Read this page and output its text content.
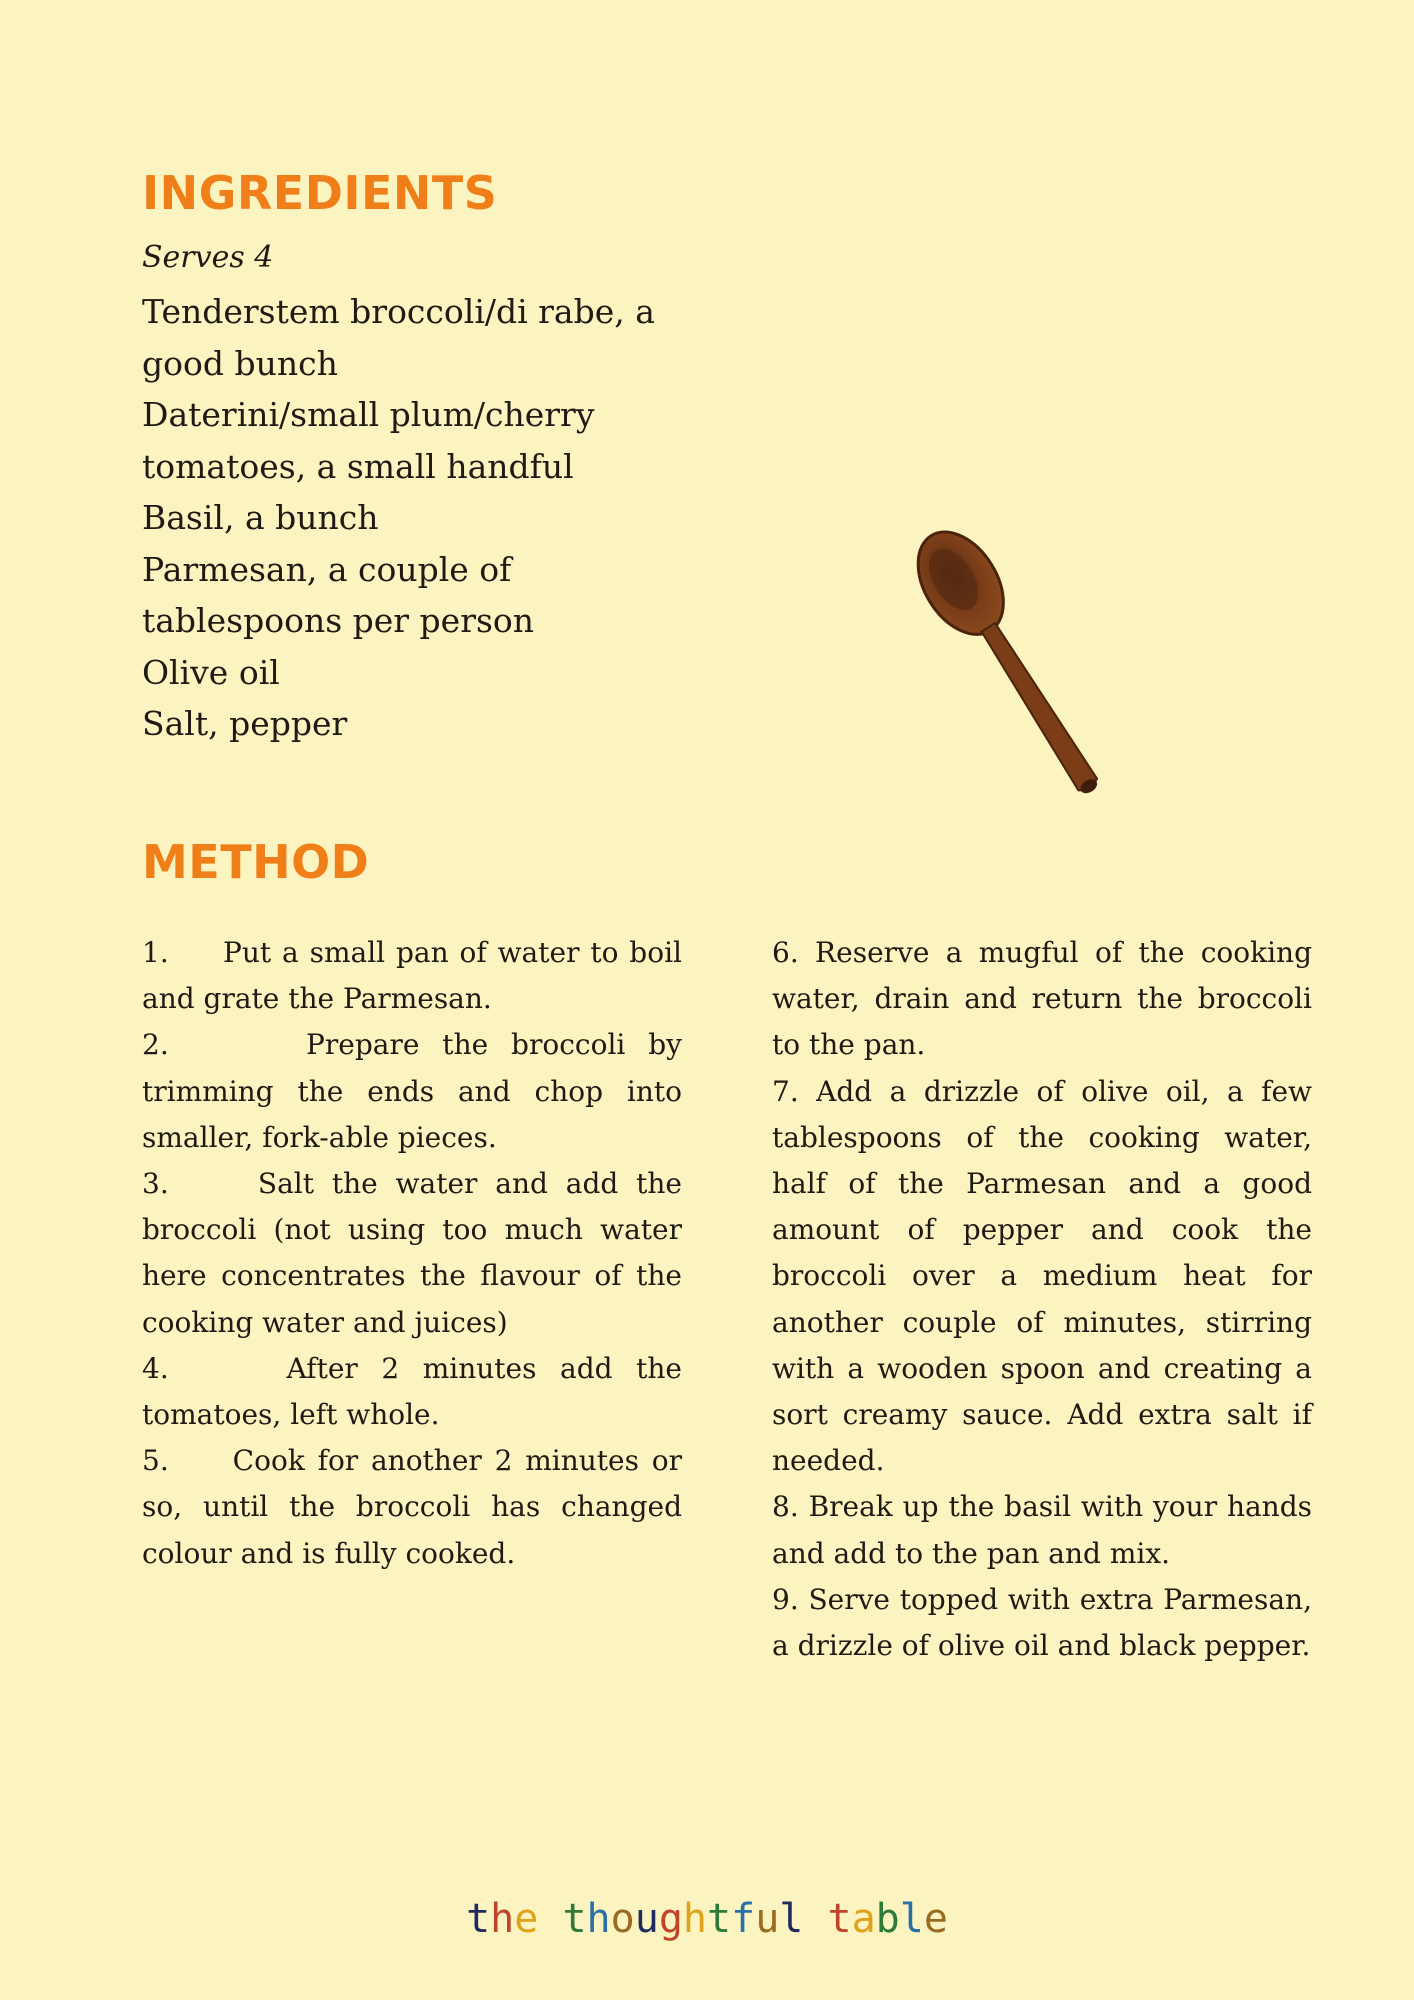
INGREDIENTS

Serves 4

Tenderstem broccoli/di rabe, a good bunch
Daterini/small plum/cherry tomatoes, a small handful
Basil, a bunch
Parmesan, a couple of tablespoons per person
Olive oil
Salt, pepper
METHOD
1.     Put a small pan of water to boil and grate the Parmesan.
2.      Prepare the broccoli by trimming the ends and chop into smaller, fork-able pieces.
3.     Salt the water and add the broccoli (not using too much water here concentrates the flavour of the cooking water and juices)
4.     After 2 minutes add the tomatoes, left whole.
5.     Cook for another 2 minutes or so, until the broccoli has changed colour and is fully cooked.
6. Reserve a mugful of the cooking water, drain and return the broccoli to the pan.
7. Add a drizzle of olive oil, a few tablespoons of the cooking water, half of the Parmesan and a good amount of pepper and cook the broccoli over a medium heat for another couple of minutes, stirring with a wooden spoon and creating a sort creamy sauce. Add extra salt if needed.
8. Break up the basil with your hands and add to the pan and mix.
9. Serve topped with extra Parmesan, a drizzle of olive oil and black pepper.
the thoughtful table
